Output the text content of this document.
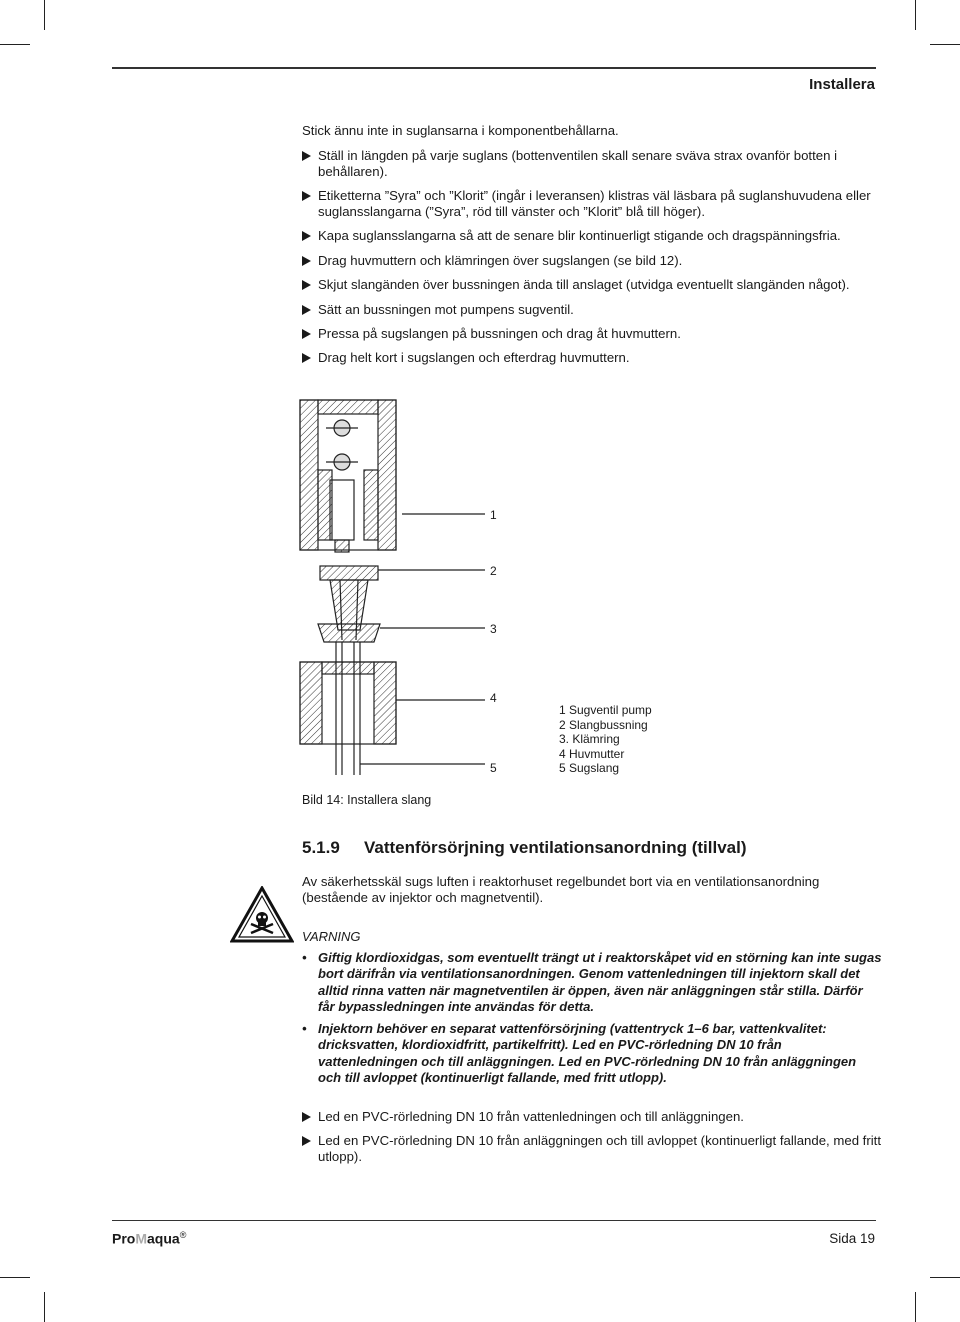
Installera
Stick ännu inte in suglansarna i komponentbehållarna.
Ställ in längden på varje suglans (bottenventilen skall senare sväva strax ovanför botten i behållaren).
Etiketterna ”Syra” och ”Klorit” (ingår i leveransen) klistras väl läsbara på suglanshuvudena eller suglansslangarna (”Syra”, röd till vänster och ”Klorit” blå till höger).
Kapa suglansslangarna så att de senare blir kontinuerligt stigande och dragspänningsfria.
Drag huvmuttern och klämringen över sugslangen (se bild 12).
Skjut slangänden över bussningen ända till anslaget (utvidga eventuellt slangänden något).
Sätt an bussningen mot pumpens sugventil.
Pressa på sugslangen på bussningen och drag åt huvmuttern.
Drag helt kort i sugslangen och efterdrag huvmuttern.
1
2
3
4
5
1 Sugventil pump
2 Slangbussning
3. Klämring
4 Huvmutter
5 Sugslang
Bild 14: Installera slang
5.1.9 Vattenförsörjning ventilationsanordning (tillval)
Av säkerhetsskäl sugs luften i reaktorhuset regelbundet bort via en ventilationsanordning (bestående av injektor och magnetventil).
VARNING
• Giftig klordioxidgas, som eventuellt trängt ut i reaktorskåpet vid en störning kan inte sugas bort därifrån via ventilationsanordningen. Genom vattenledningen till injektorn skall det alltid rinna vatten när magnetventilen är öppen, även när anläggningen står stilla. Därför får bypassledningen inte användas för detta.
• Injektorn behöver en separat vattenförsörjning (vattentryck 1–6 bar, vattenkvalitet: dricksvatten, klordioxidfritt, partikelfritt). Led en PVC-rörledning DN 10 från vattenledningen och till anläggningen. Led en PVC-rörledning DN 10 från anläggningen och till avloppet (kontinuerligt fallande, med fritt utlopp).
Led en PVC-rörledning DN 10 från vattenledningen och till anläggningen.
Led en PVC-rörledning DN 10 från anläggningen och till avloppet (kontinuerligt fallande, med fritt utlopp).
ProMaqua®	Sida 19
